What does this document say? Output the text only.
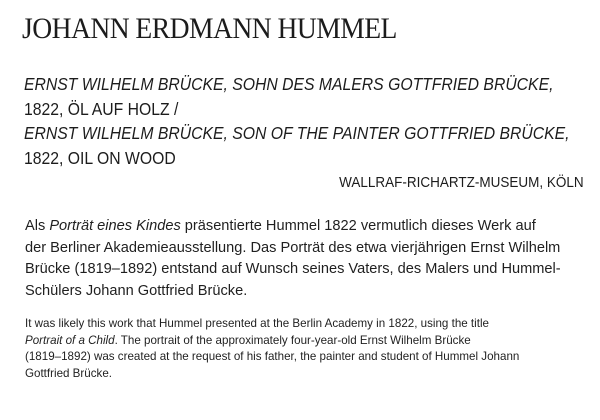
JOHANN ERDMANN HUMMEL
ERNST WILHELM BRÜCKE, SOHN DES MALERS GOTTFRIED BRÜCKE,
1822, ÖL AUF HOLZ /
ERNST WILHELM BRÜCKE, SON OF THE PAINTER GOTTFRIED BRÜCKE,
1822, OIL ON WOOD
WALLRAF-RICHARTZ-MUSEUM, KÖLN

Als Porträt eines Kindes präsentierte Hummel 1822 vermutlich dieses Werk auf
der Berliner Akademieausstellung. Das Porträt des etwa vierjährigen Ernst Wilhelm
Brücke (1819–1892) entstand auf Wunsch seines Vaters, des Malers und Hummel-
Schülers Johann Gottfried Brücke.

It was likely this work that Hummel presented at the Berlin Academy in 1822, using the title
Portrait of a Child. The portrait of the approximately four-year-old Ernst Wilhelm Brücke
(1819–1892) was created at the request of his father, the painter and student of Hummel Johann
Gottfried Brücke.
